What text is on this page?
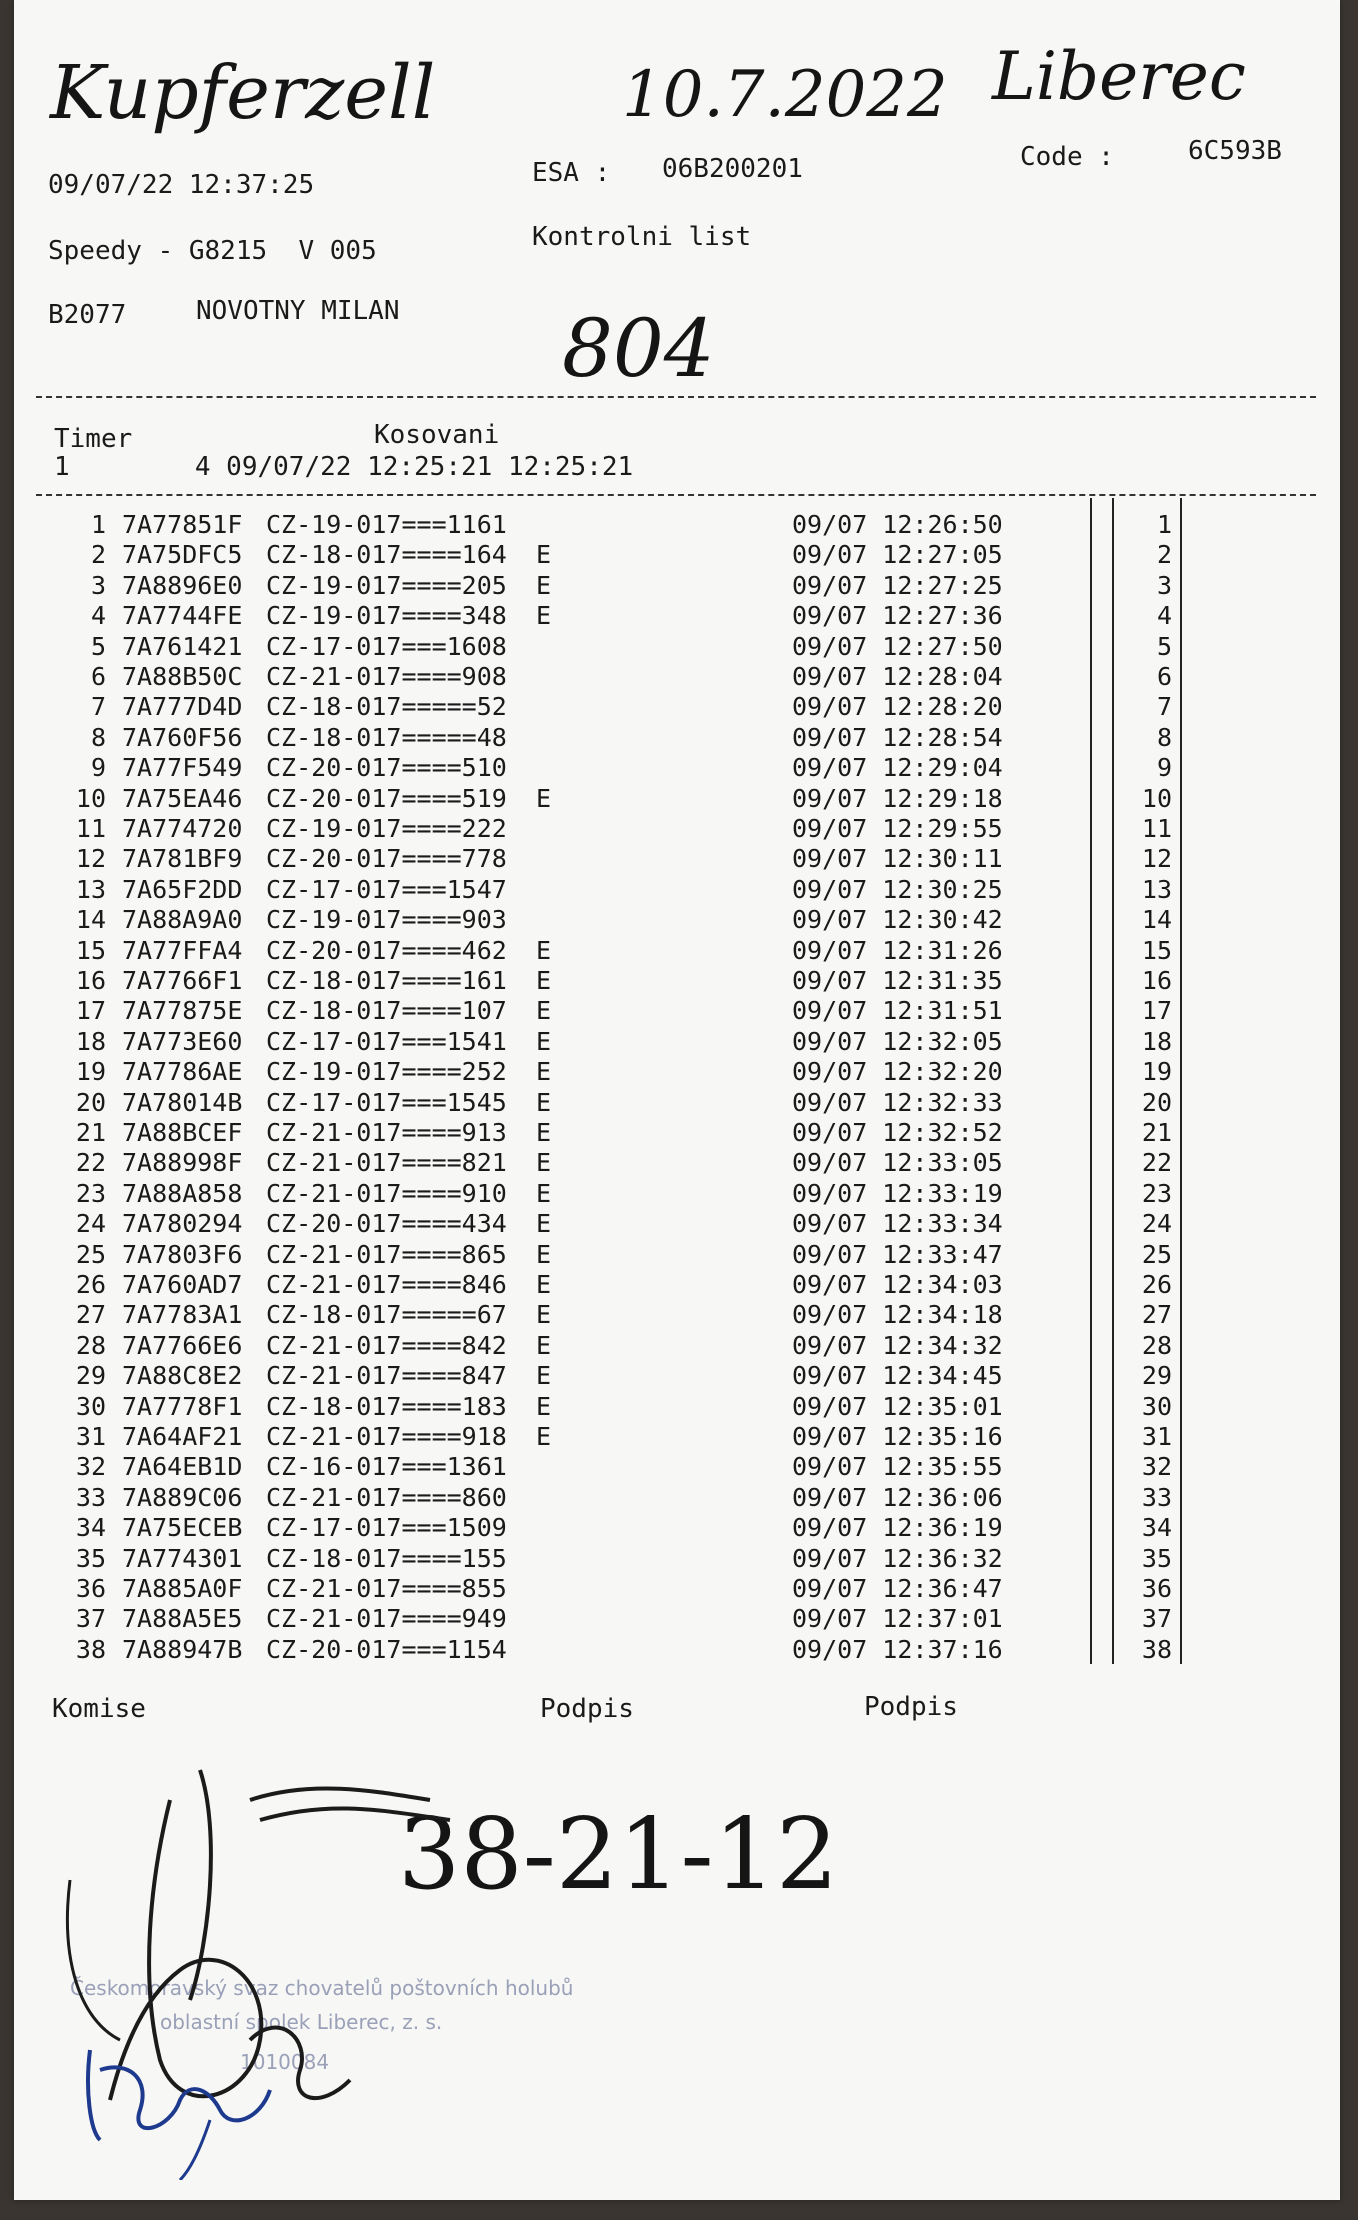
Kupferzell	10.7.2022 Liberec
804
09/07/22 12:37:25	ESA : 06B200201	Code :	6C593B
Speedy - G8215  V 005	Kontrolni list
B2077	NOVOTNY MILAN
Timer	Kosovani
1        4 09/07/22 12:25:21 12:25:21
1 7A77851F CZ-19-017===1161	09/07 12:26:50	1
2 7A75DFC5 CZ-18-017====164 E	09/07 12:27:05	2
3 7A8896E0 CZ-19-017====205 E	09/07 12:27:25	3
4 7A7744FE CZ-19-017====348 E	09/07 12:27:36	4
5 7A761421 CZ-17-017===1608	09/07 12:27:50	5
6 7A88B50C CZ-21-017====908	09/07 12:28:04	6
7 7A777D4D CZ-18-017=====52	09/07 12:28:20	7
8 7A760F56 CZ-18-017=====48	09/07 12:28:54	8
9 7A77F549 CZ-20-017====510	09/07 12:29:04	9
10 7A75EA46 CZ-20-017====519 E	09/07 12:29:18	10
11 7A774720 CZ-19-017====222	09/07 12:29:55	11
12 7A781BF9 CZ-20-017====778	09/07 12:30:11	12
13 7A65F2DD CZ-17-017===1547	09/07 12:30:25	13
14 7A88A9A0 CZ-19-017====903	09/07 12:30:42	14
15 7A77FFA4 CZ-20-017====462 E	09/07 12:31:26	15
16 7A7766F1 CZ-18-017====161 E	09/07 12:31:35	16
17 7A77875E CZ-18-017====107 E	09/07 12:31:51	17
18 7A773E60 CZ-17-017===1541 E	09/07 12:32:05	18
19 7A7786AE CZ-19-017====252 E	09/07 12:32:20	19
20 7A78014B CZ-17-017===1545 E	09/07 12:32:33	20
21 7A88BCEF CZ-21-017====913 E	09/07 12:32:52	21
22 7A88998F CZ-21-017====821 E	09/07 12:33:05	22
23 7A88A858 CZ-21-017====910 E	09/07 12:33:19	23
24 7A780294 CZ-20-017====434 E	09/07 12:33:34	24
25 7A7803F6 CZ-21-017====865 E	09/07 12:33:47	25
26 7A760AD7 CZ-21-017====846 E	09/07 12:34:03	26
27 7A7783A1 CZ-18-017=====67 E	09/07 12:34:18	27
28 7A7766E6 CZ-21-017====842 E	09/07 12:34:32	28
29 7A88C8E2 CZ-21-017====847 E	09/07 12:34:45	29
30 7A7778F1 CZ-18-017====183 E	09/07 12:35:01	30
31 7A64AF21 CZ-21-017====918 E	09/07 12:35:16	31
32 7A64EB1D CZ-16-017===1361	09/07 12:35:55	32
33 7A889C06 CZ-21-017====860	09/07 12:36:06	33
34 7A75ECEB CZ-17-017===1509	09/07 12:36:19	34
35 7A774301 CZ-18-017====155	09/07 12:36:32	35
36 7A885A0F CZ-21-017====855	09/07 12:36:47	36
37 7A88A5E5 CZ-21-017====949	09/07 12:37:01	37
38 7A88947B CZ-20-017===1154	09/07 12:37:16	38
Komise	Podpis	Podpis
38-21-12
Českomoravský svaz chovatelů poštovních holubů
oblastní spolek Liberec, z. s.
1010084
